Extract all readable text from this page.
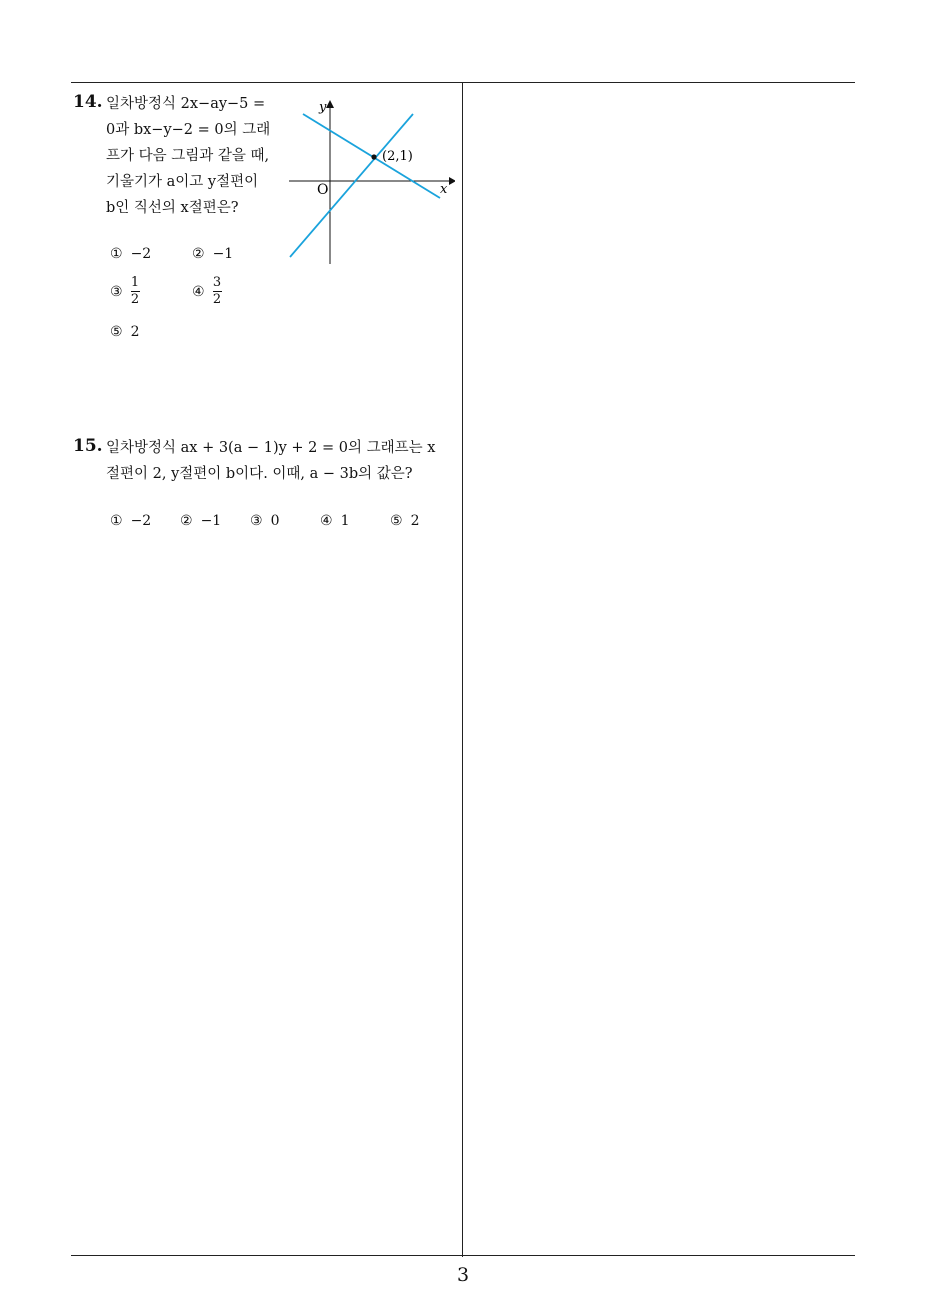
14. 일차방정식 2x−ay−5 =
0과 bx−y−2 = 0의 그래
프가 다음 그림과 같을 때,
기울기가 a이고 y절편이
b인 직선의 x절편은?
y
x
O
(2,1)
① −2	② −1
③ $\frac{1}{2}$	④ $\frac{3}{2}$
⑤ 2
15. 일차방정식 ax + 3(a − 1)y + 2 = 0의 그래프는 x
절편이 2, y절편이 b이다. 이때, a − 3b의 값은?
① −2 ② −1 ③ 0	④ 1	⑤ 2
3
